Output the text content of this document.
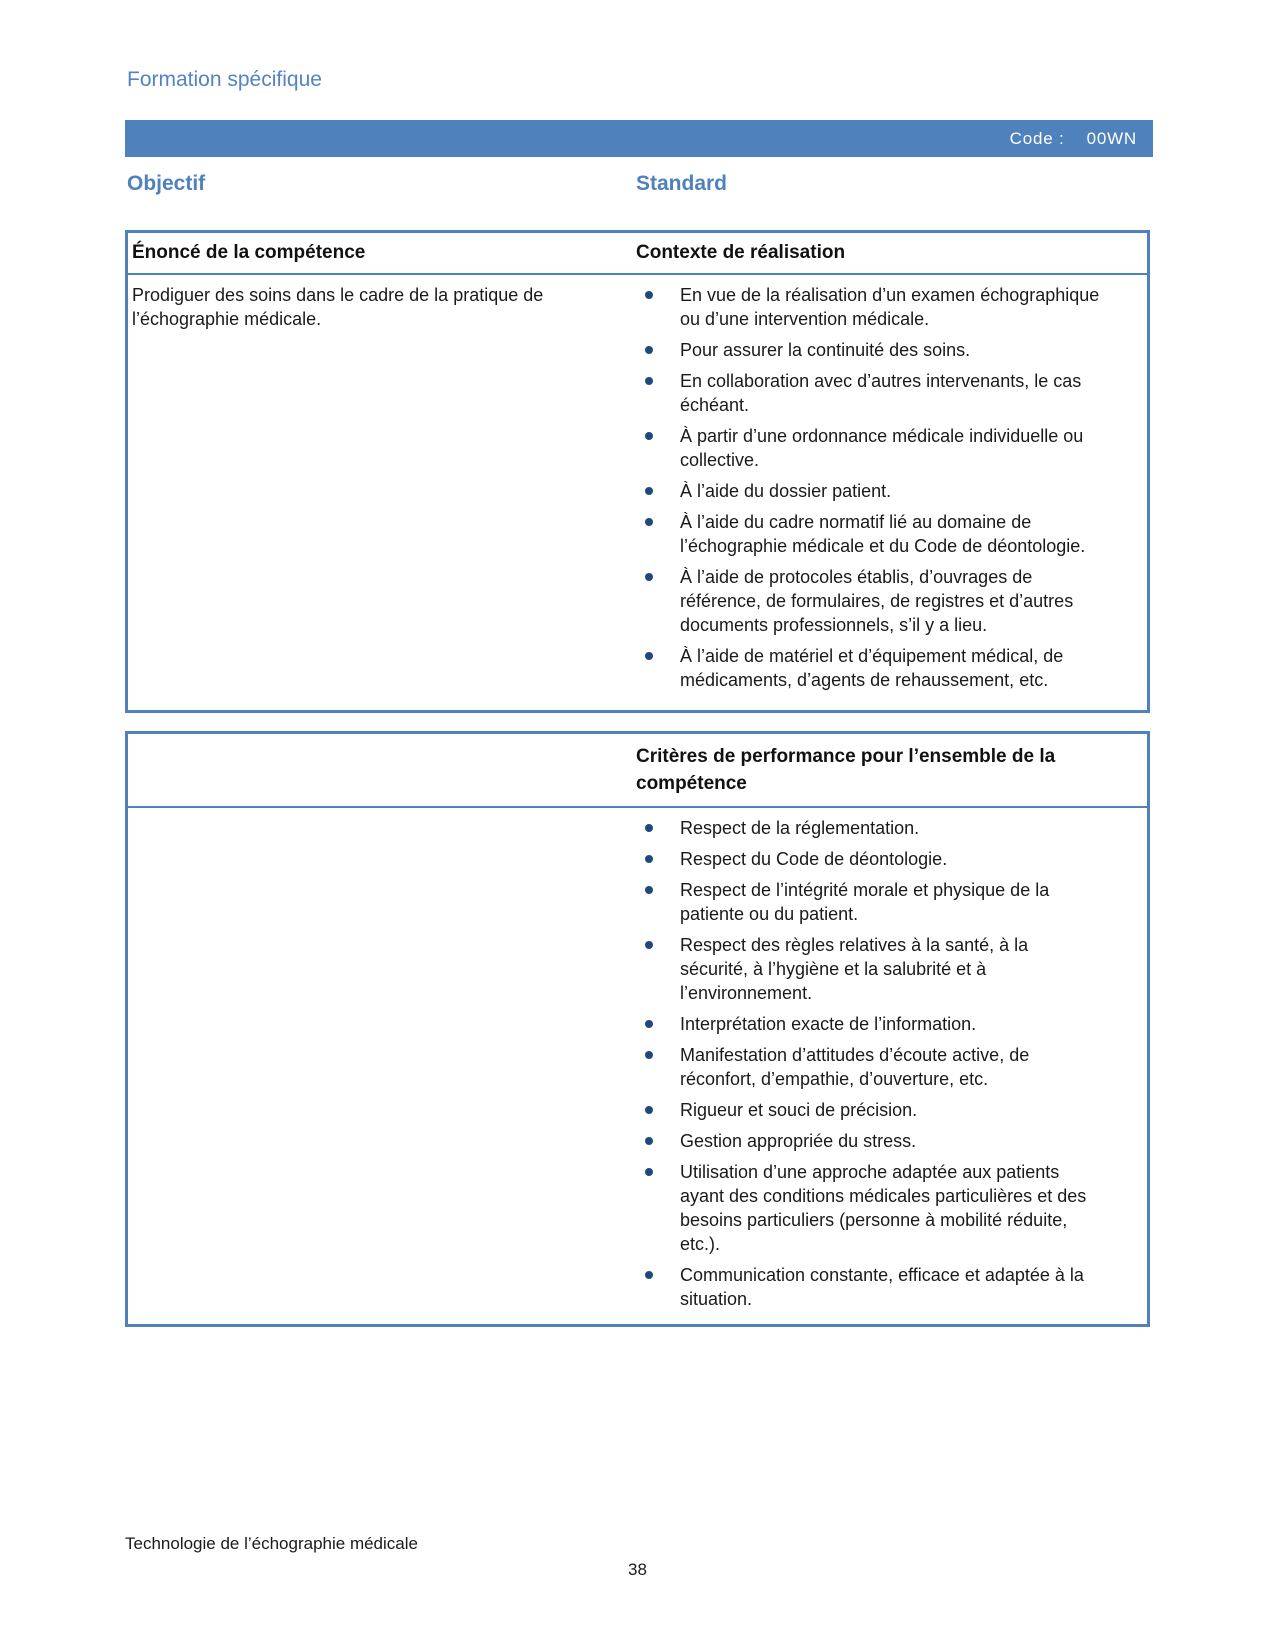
Formation spécifique
Code : 00WN
Objectif	Standard
Énoncé de la compétence	Contexte de réalisation

Prodiguer des soins dans le cadre de la pratique de l’échographie médicale.

En vue de la réalisation d’un examen échographique ou d’une intervention médicale.
Pour assurer la continuité des soins.
En collaboration avec d’autres intervenants, le cas échéant.
À partir d’une ordonnance médicale individuelle ou collective.
À l’aide du dossier patient.
À l’aide du cadre normatif lié au domaine de l’échographie médicale et du Code de déontologie.
À l’aide de protocoles établis, d’ouvrages de référence, de formulaires, de registres et d’autres documents professionnels, s’il y a lieu.
À l’aide de matériel et d’équipement médical, de médicaments, d’agents de rehaussement, etc.
Critères de performance pour l’ensemble de la compétence
Respect de la réglementation.
Respect du Code de déontologie.
Respect de l’intégrité morale et physique de la patiente ou du patient.
Respect des règles relatives à la santé, à la sécurité, à l’hygiène et la salubrité et à l’environnement.
Interprétation exacte de l’information.
Manifestation d’attitudes d’écoute active, de réconfort, d’empathie, d’ouverture, etc.
Rigueur et souci de précision.
Gestion appropriée du stress.
Utilisation d’une approche adaptée aux patients ayant des conditions médicales particulières et des besoins particuliers (personne à mobilité réduite, etc.).
Communication constante, efficace et adaptée à la situation.
Technologie de l’échographie médicale
38
